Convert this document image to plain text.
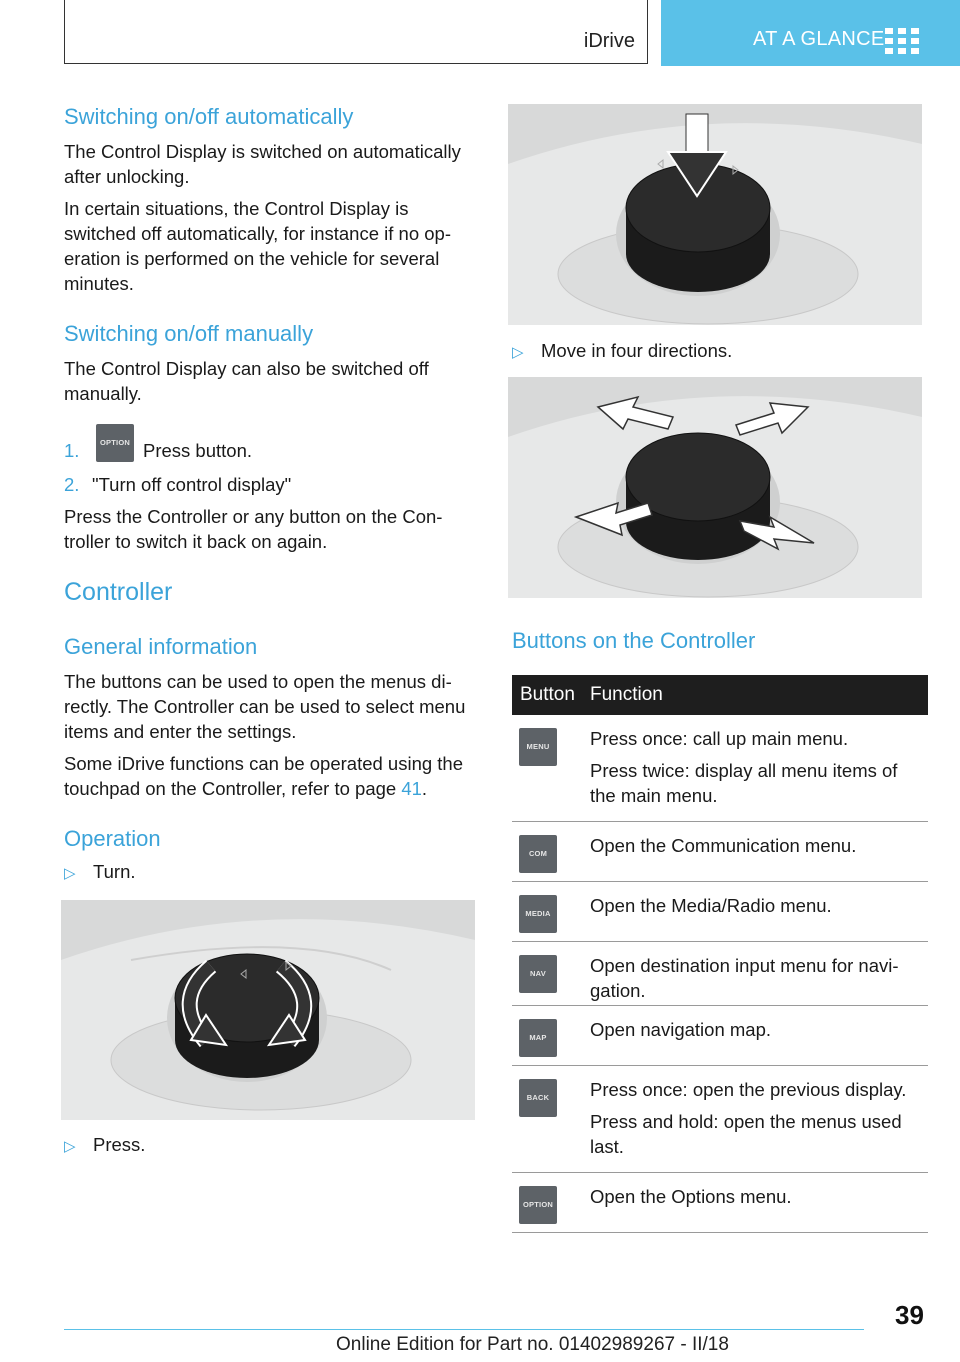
iDrive	AT A GLANCE
Switching on/off automatically

The Control Display is switched on automatically after unlocking.

In certain situations, the Control Display is switched off automatically, for instance if no op- eration is performed on the vehicle for several minutes.

Switching on/off manually

The Control Display can also be switched off manually.

1.	OPTION Press button.
2. "Turn off control display"

Press the Controller or any button on the Con- troller to switch it back on again.

Controller
General information

The buttons can be used to open the menus di- rectly. The Controller can be used to select menu items and enter the settings.

Some iDrive functions can be operated using the touchpad on the Controller, refer to page 41.

Operation
▷ Turn.
▷ Press.
▷ Move in four directions.
Buttons on the Controller
Button Function
MENU	Press once: call up main menu.

Press twice: display all menu items of the main menu.

COM	Open the Communication menu.

MEDIA	Open the Media/Radio menu.

NAV	Open destination input menu for navi- gation.

MAP	Open navigation map.

BACK	Press once: open the previous display.

Press and hold: open the menus used last.

OPTION Open the Options menu.

39
Online Edition for Part no. 01402989267 - II/18
